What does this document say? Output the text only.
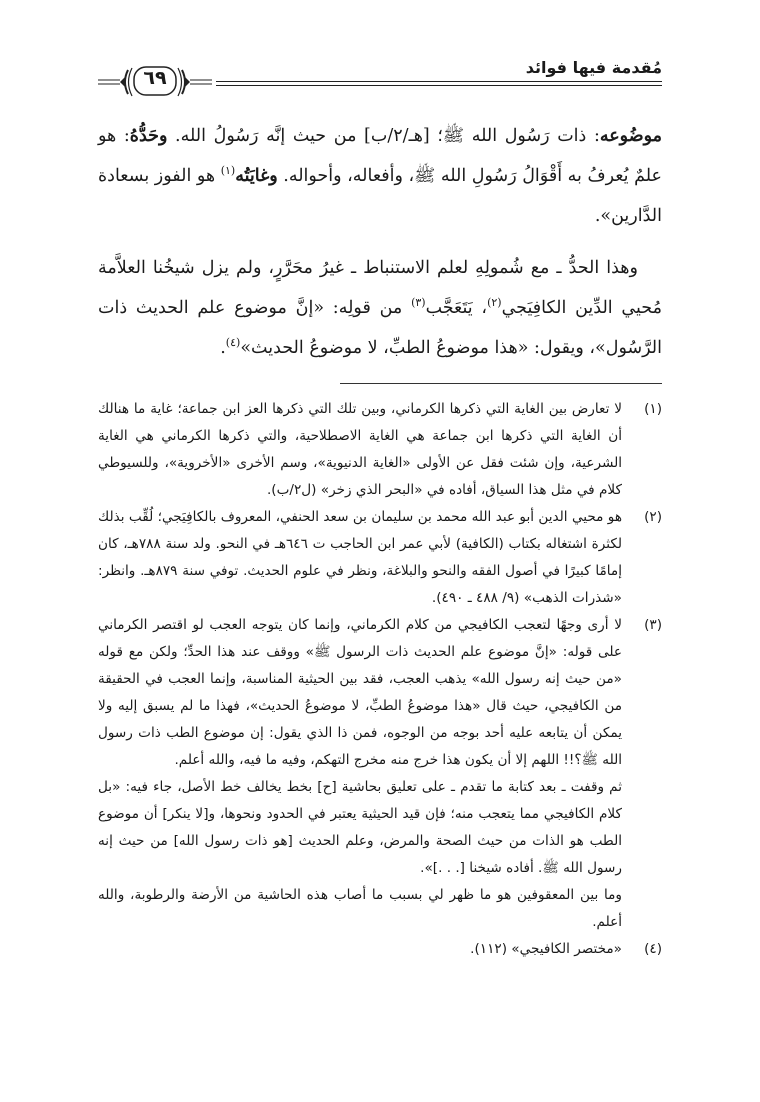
مُقدمة فيها فوائد
٦٩

موضُوعه: ذات رَسُول الله ﷺ؛ [هـ/٢/ب] من حيث إنَّه رَسُولُ الله. وحَدُّهُ: هو علمٌ يُعرفُ به أَقْوَالُ رَسُولِ الله ﷺ، وأفعاله، وأحواله. وغايَتُه$^{(١)}$ هو الفوز بسعادة الدَّارين».

وهذا الحدُّ ـ مع شُمولِهِ لعلم الاستنباط ـ غيرُ محَرَّرٍ، ولم يزل شيخُنا العلاَّمة مُحيي الدِّين الكافِيَجي$^{(٢)}$، يَتَعَجَّب$^{(٣)}$ من قولِه: «إنَّ موضوع علم الحديث ذات الرَّسُول»، ويقول: «هذا موضوعُ الطبِّ، لا موضوعُ الحديث»$^{(٤)}$.

(١)

لا تعارض بين الغاية التي ذكرها الكرماني، وبين تلك التي ذكرها العز ابن جماعة؛ غاية ما هنالك أن الغاية التي ذكرها ابن جماعة هي الغاية الاصطلاحية، والتي ذكرها الكرماني هي الغاية الشرعية، وإن شئت فقل عن الأولى «الغاية الدنيوية»، وسم الأخرى «الأخروية»، وللسيوطي كلام في مثل هذا السياق، أفاده في «البحر الذي زخر» (ل٢/ب).

(٢)

هو محيي الدين أبو عبد الله محمد بن سليمان بن سعد الحنفي، المعروف بالكافِيَجي؛ لُقِّب بذلك لكثرة اشتغاله بكتاب (الكافية) لأبي عمر ابن الحاجب ت ٦٤٦هـ في النحو. ولد سنة ٧٨٨هـ، كان إمامًا كبيرًا في أصول الفقه والنحو والبلاغة، ونظر في علوم الحديث. توفي سنة ٨٧٩هـ. وانظر: «شذرات الذهب» (٩/ ٤٨٨ ـ ٤٩٠).

(٣)

لا أرى وجهًا لتعجب الكافيجي من كلام الكرماني، وإنما كان يتوجه العجب لو اقتصر الكرماني على قوله: «إنَّ موضوع علم الحديث ذات الرسول ﷺ» ووقف عند هذا الحدِّ؛ ولكن مع قوله «من حيث إنه رسول الله» يذهب العجب، فقد بين الحيثية المناسبة، وإنما العجب في الحقيقة من الكافيجي، حيث قال «هذا موضوعُ الطبِّ، لا موضوعُ الحديث»، فهذا ما لم يسبق إليه ولا يمكن أن يتابعه عليه أحد بوجه من الوجوه، فمن ذا الذي يقول: إن موضوع الطب ذات رسول الله ﷺ؟!! اللهم إلا أن يكون هذا خرج منه مخرج التهكم، وفيه ما فيه، والله أعلم.

ثم وقفت ـ بعد كتابة ما تقدم ـ على تعليق بحاشية [ح] بخط يخالف خط الأصل، جاء فيه: «بل كلام الكافيجي مما يتعجب منه؛ فإن قيد الحيثية يعتبر في الحدود ونحوها، و[لا ينكر] أن موضوع الطب هو الذات من حيث الصحة والمرض، وعلم الحديث [هو ذات رسول الله] من حيث إنه رسول الله ﷺ. أفاده شيخنا [. . .]».

وما بين المعقوفين هو ما ظهر لي بسبب ما أصاب هذه الحاشية من الأرضة والرطوبة، والله أعلم.

(٤)

«مختصر الكافيجي» (١١٢).
